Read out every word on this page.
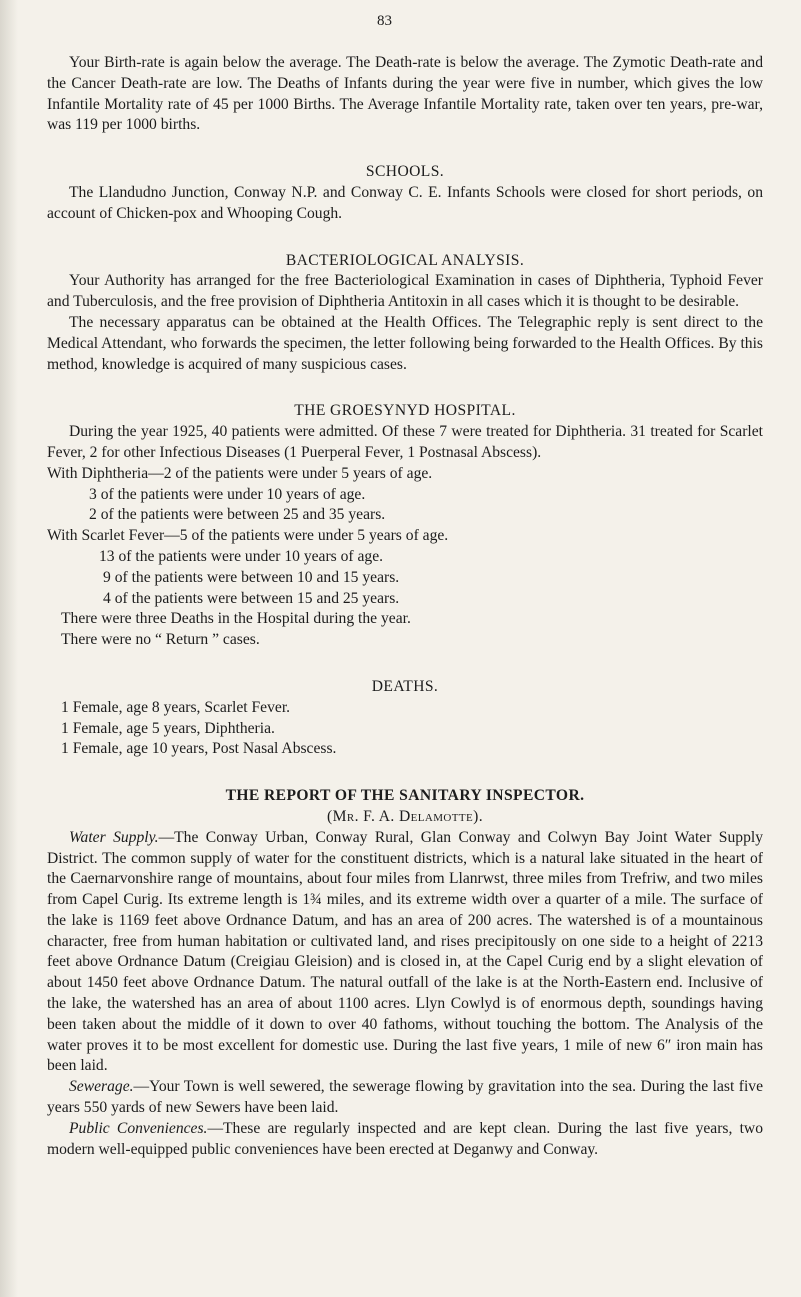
83

Your Birth-rate is again below the average. The Death-rate is below the average. The Zymotic Death-rate and the Cancer Death-rate are low. The Deaths of Infants during the year were five in number, which gives the low Infantile Mortality rate of 45 per 1000 Births. The Average Infantile Mortality rate, taken over ten years, pre-war, was 119 per 1000 births.

SCHOOLS.

The Llandudno Junction, Conway N.P. and Conway C. E. Infants Schools were closed for short periods, on account of Chicken-pox and Whooping Cough.

BACTERIOLOGICAL ANALYSIS.

Your Authority has arranged for the free Bacteriological Examination in cases of Diphtheria, Typhoid Fever and Tuberculosis, and the free provision of Diphtheria Antitoxin in all cases which it is thought to be desirable.

The necessary apparatus can be obtained at the Health Offices. The Telegraphic reply is sent direct to the Medical Attendant, who forwards the specimen, the letter following being forwarded to the Health Offices. By this method, knowledge is acquired of many suspicious cases.

THE GROESYNYD HOSPITAL.

During the year 1925, 40 patients were admitted. Of these 7 were treated for Diphtheria. 31 treated for Scarlet Fever, 2 for other Infectious Diseases (1 Puerperal Fever, 1 Postnasal Abscess).

With Diphtheria—2 of the patients were under 5 years of age.
3 of the patients were under 10 years of age.
2 of the patients were between 25 and 35 years.
With Scarlet Fever—5 of the patients were under 5 years of age.
13 of the patients were under 10 years of age.
9 of the patients were between 10 and 15 years.
4 of the patients were between 15 and 25 years.
There were three Deaths in the Hospital during the year.
There were no “ Return ” cases.
DEATHS.
1 Female, age 8 years, Scarlet Fever.
1 Female, age 5 years, Diphtheria.
1 Female, age 10 years, Post Nasal Abscess.
THE REPORT OF THE SANITARY INSPECTOR.
(Mr. F. A. Delamotte).

Water Supply.—The Conway Urban, Conway Rural, Glan Conway and Colwyn Bay Joint Water Supply District. The common supply of water for the constituent districts, which is a natural lake situated in the heart of the Caernarvonshire range of mountains, about four miles from Llanrwst, three miles from Trefriw, and two miles from Capel Curig. Its extreme length is 1¾ miles, and its extreme width over a quarter of a mile. The surface of the lake is 1169 feet above Ordnance Datum, and has an area of 200 acres. The watershed is of a mountainous character, free from human habitation or cultivated land, and rises precipitously on one side to a height of 2213 feet above Ordnance Datum (Creigiau Gleision) and is closed in, at the Capel Curig end by a slight elevation of about 1450 feet above Ordnance Datum. The natural outfall of the lake is at the North-Eastern end. Inclusive of the lake, the watershed has an area of about 1100 acres. Llyn Cowlyd is of enormous depth, soundings having been taken about the middle of it down to over 40 fathoms, without touching the bottom. The Analysis of the water proves it to be most excellent for domestic use. During the last five years, 1 mile of new 6″ iron main has been laid.

Sewerage.—Your Town is well sewered, the sewerage flowing by gravitation into the sea. During the last five years 550 yards of new Sewers have been laid.

Public Conveniences.—These are regularly inspected and are kept clean. During the last five years, two modern well-equipped public conveniences have been erected at Deganwy and Conway.
